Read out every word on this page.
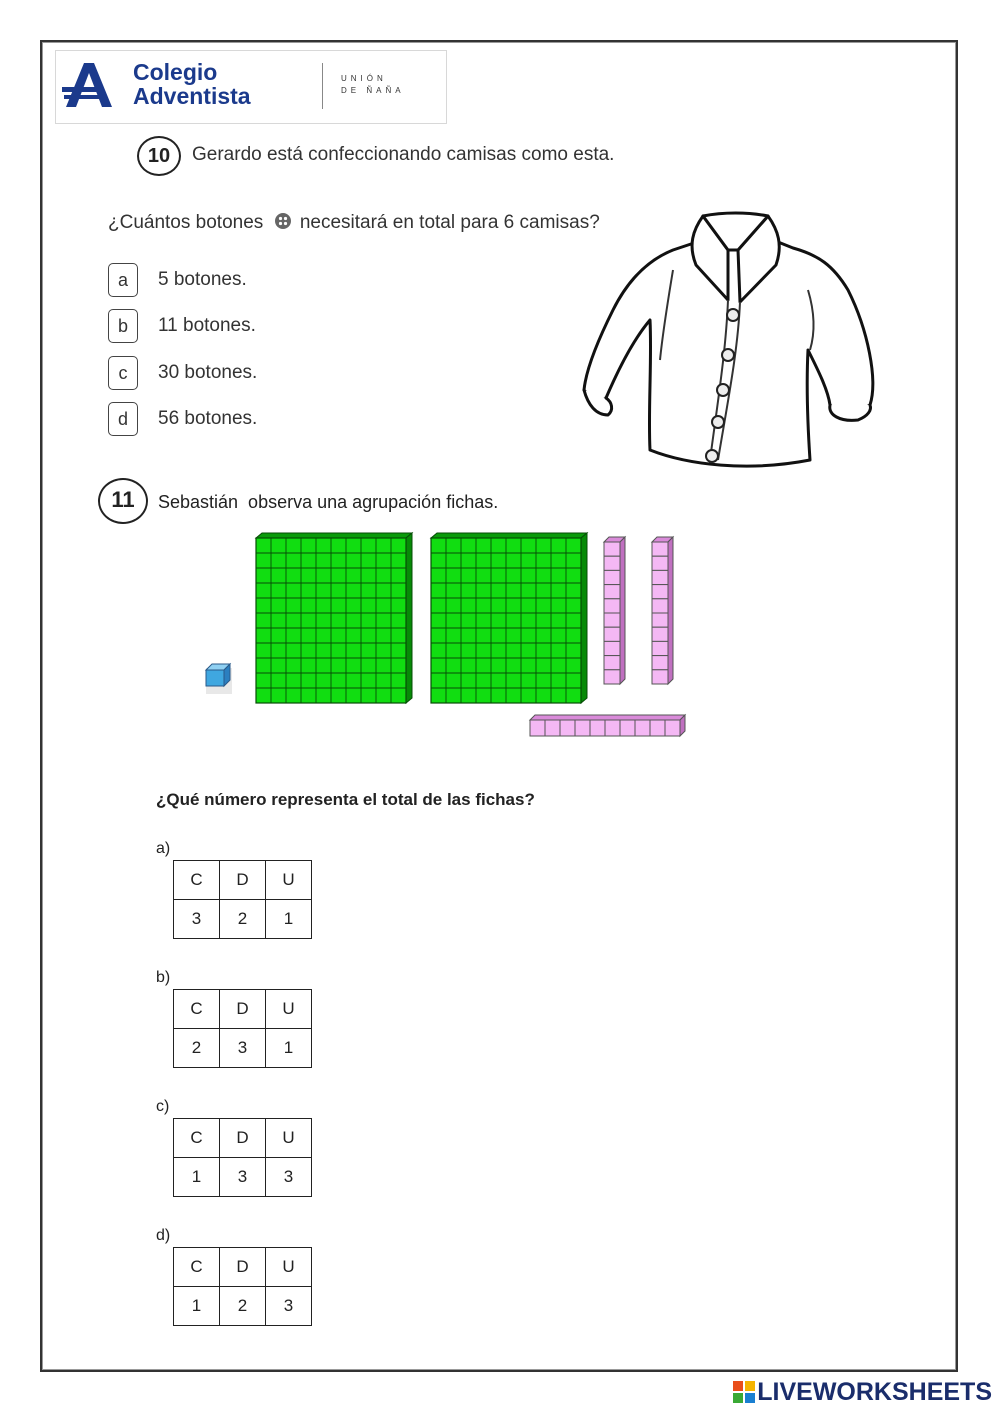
Colegio
Adventista
UNIÓN
DE ÑAÑA
10	Gerardo está confeccionando camisas como esta.
¿Cuántos botones necesitará en total para 6 camisas?
a	5 botones.
b	11 botones.
c	30 botones.
d	56 botones.
11	Sebastián  observa una agrupación fichas.
¿Qué número representa el total de las fichas?
a)
C	D	U
3	2	1
b)
C	D	U
2	3	1
c)
C	D	U
1	3	3
d)
C	D	U
1	2	3
LIVEWORKSHEETS
